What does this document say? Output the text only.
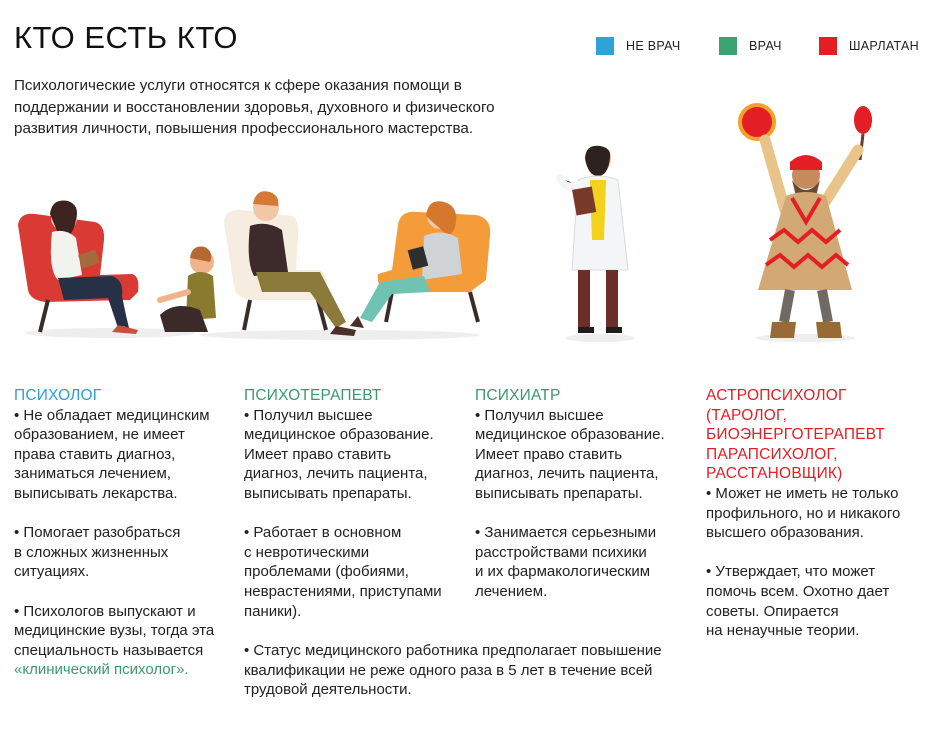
КТО ЕСТЬ КТО	НЕ ВРАЧ	ВРАЧ	ШАРЛАТАН
Психологические услуги относятся к сфере оказания помощи в поддержании и восстановлении здоровья, духовного и физического развития личности, повышения профессионального мастерства.
ПСИХОЛОГ
• Не обладает медицинским
образованием, не имеет
права ставить диагноз,
заниматься лечением,
выписывать лекарства.
• Помогает разобраться
в сложных жизненных
ситуациях.
• Психологов выпускают и
медицинские вузы, тогда эта
специальность называется
«клинический психолог».
ПСИХОТЕРАПЕВТ
• Получил высшее
медицинское образование.
Имеет право ставить
диагноз, лечить пациента,
выписывать препараты.
• Работает в основном
с невротическими
проблемами (фобиями,
неврастениями, приступами
паники).
ПСИХИАТР
• Получил высшее
медицинское образование.
Имеет право ставить
диагноз, лечить пациента,
выписывать препараты.
• Занимается серьезными
расстройствами психики
и их фармакологическим
лечением.
АСТРОПСИХОЛОГ
(ТАРОЛОГ,
БИОЭНЕРГОТЕРАПЕВТ
ПАРАПСИХОЛОГ,
РАССТАНОВЩИК)
• Может не иметь не только
профильного, но и никакого
высшего образования.
• Утверждает, что может
помочь всем. Охотно дает
советы. Опирается
на ненаучные теории.
• Статус медицинского работника предполагает повышение
квалификации не реже одного раза в 5 лет в течение всей
трудовой деятельности.
